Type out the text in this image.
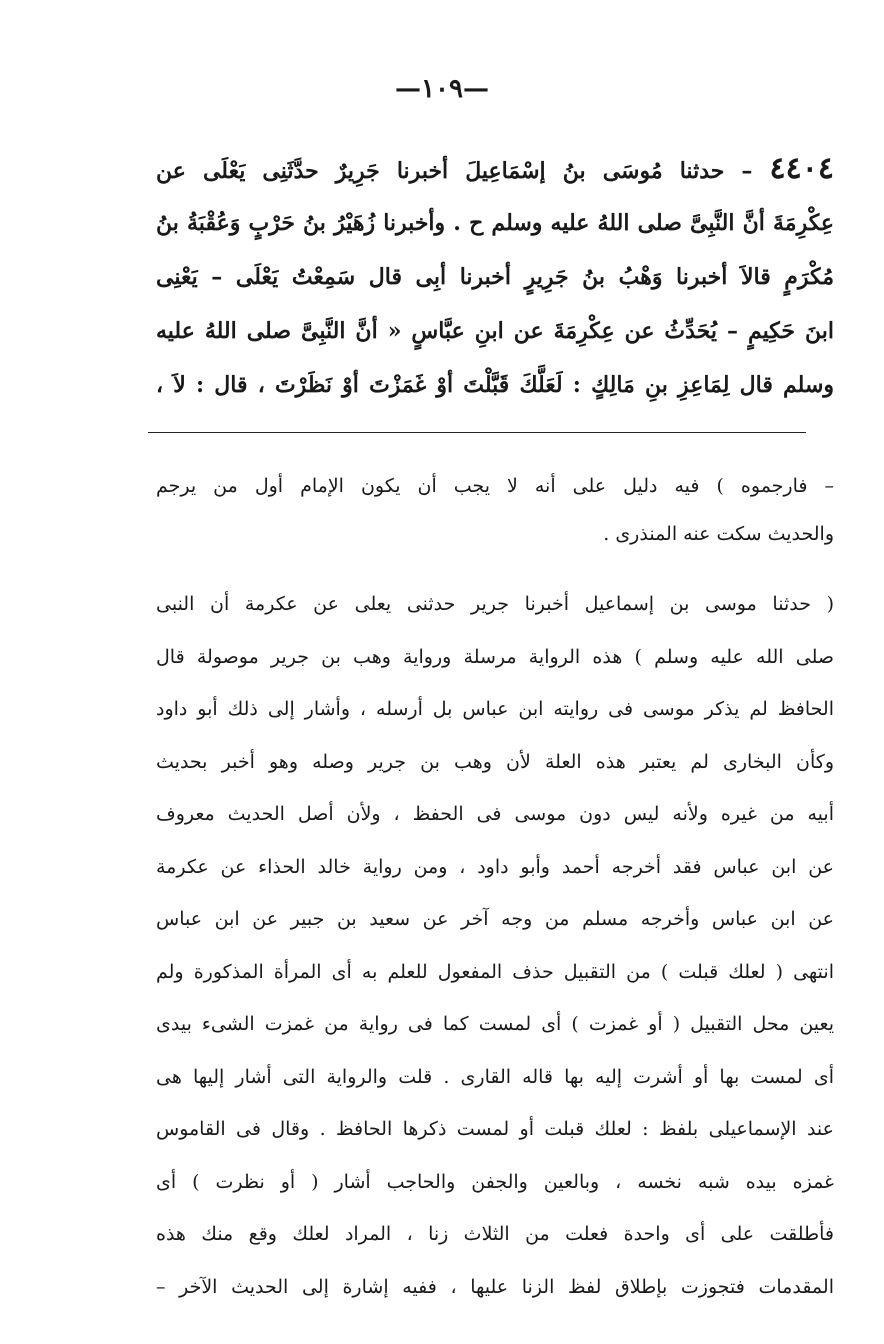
—١٠٩—
٤٤٠٤ – حدثنا مُوسَى بنُ إسْمَاعِيلَ أخبرنا جَرِيرٌ حدَّثَنِى يَعْلَى عن
عِكْرِمَةَ أنَّ النَّبِىَّ صلى اللهُ عليه وسلم ح . وأخبرنا زُهَيْرُ بنُ حَرْبٍ وَعُقْبَةُ بنُ
مُكْرَمٍ قالاَ أخبرنا وَهْبُ بنُ جَرِيرٍ أخبرنا أبِى قال سَمِعْتُ يَعْلَى – يَعْنِى
ابنَ حَكِيمٍ – يُحَدِّثُ عن عِكْرِمَةَ عن ابنِ عبَّاسٍ « أنَّ النَّبِىَّ صلى اللهُ عليه
وسلم قال لِمَاعِزِ بنِ مَالِكٍ : لَعَلَّكَ قَبَّلْتَ أوْ غَمَزْتَ أوْ نَظَرْتَ ، قال : لاَ ،
– فارجموه ) فيه دليل على أنه لا يجب أن يكون الإمام أول من يرجم
والحديث سكت عنه المنذرى .
( حدثنا موسى بن إسماعيل أخبرنا جرير حدثنى يعلى عن عكرمة أن النبى
صلى الله عليه وسلم ) هذه الرواية مرسلة ورواية وهب بن جرير موصولة قال
الحافظ لم يذكر موسى فى روايته ابن عباس بل أرسله ، وأشار إلى ذلك أبو داود
وكأن البخارى لم يعتبر هذه العلة لأن وهب بن جرير وصله وهو أخبر بحديث
أبيه من غيره ولأنه ليس دون موسى فى الحفظ ، ولأن أصل الحديث معروف
عن ابن عباس فقد أخرجه أحمد وأبو داود ، ومن رواية خالد الحذاء عن عكرمة
عن ابن عباس وأخرجه مسلم من وجه آخر عن سعيد بن جبير عن ابن عباس
انتهى ( لعلك قبلت ) من التقبيل حذف المفعول للعلم به أى المرأة المذكورة ولم
يعين محل التقبيل ( أو غمزت ) أى لمست كما فى رواية من غمزت الشىء بيدى
أى لمست بها أو أشرت إليه بها قاله القارى . قلت والرواية التى أشار إليها هى
عند الإسماعيلى بلفظ : لعلك قبلت أو لمست ذكرها الحافظ . وقال فى القاموس
غمزه بيده شبه نخسه ، وبالعين والجفن والحاجب أشار ( أو نظرت ) أى
فأطلقت على أى واحدة فعلت من الثلاث زنا ، المراد لعلك وقع منك هذه
المقدمات فتجوزت بإطلاق لفظ الزنا عليها ، ففيه إشارة إلى الحديث الآخر –
